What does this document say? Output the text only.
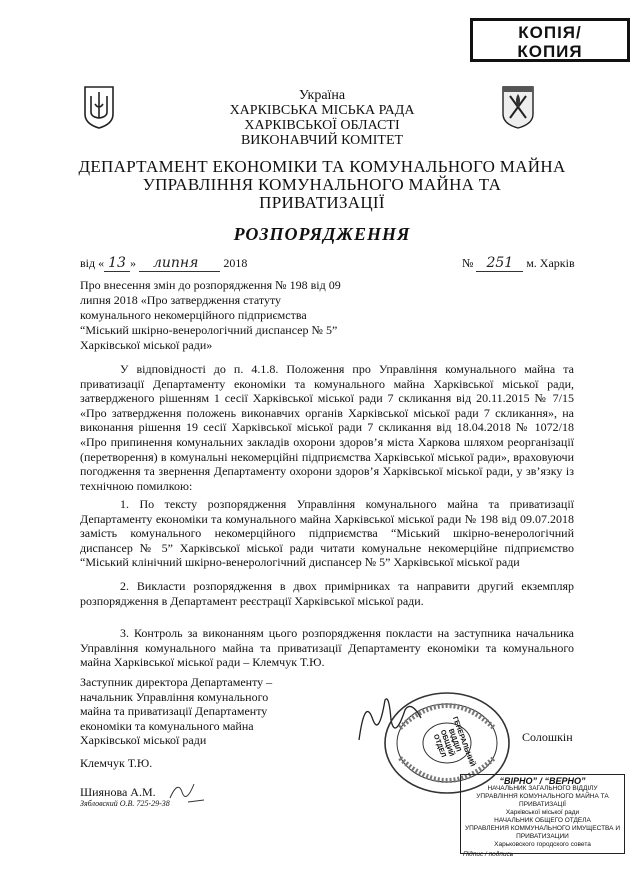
КОПІЯ/
КОПИЯ
Україна
ХАРКІВСЬКА МІСЬКА РАДА
ХАРКІВСЬКОЇ ОБЛАСТІ
ВИКОНАВЧИЙ КОМІТЕТ
ДЕПАРТАМЕНТ ЕКОНОМІКИ ТА КОМУНАЛЬНОГО МАЙНА
УПРАВЛІННЯ КОМУНАЛЬНОГО МАЙНА ТА
ПРИВАТИЗАЦІЇ
РОЗПОРЯДЖЕННЯ
від « 13 » липня 2018	№ 251 м. Харків
Про внесення змін до розпорядження № 198 від 09 липня 2018 «Про затвердження статуту комунального некомерційного підприємства “Міський шкірно-венерологічний диспансер № 5” Харківської міської ради»
У відповідності до п. 4.1.8. Положення про Управління комунального майна та приватизації Департаменту економіки та комунального майна Харківської міської ради, затвердженого рішенням 1 сесії Харківської міської ради 7 скликання від 20.11.2015 № 7/15 «Про затвердження положень виконавчих органів Харківської міської ради 7 скликання», на виконання рішення 19 сесії Харківської міської ради 7 скликання від 18.04.2018 № 1072/18 «Про припинення комунальних закладів охорони здоров’я міста Харкова шляхом реорганізації (перетворення) в комунальні некомерційні підприємства Харківської міської ради», враховуючи погодження та звернення Департаменту охорони здоров’я Харківської міської ради, у зв’язку із технічною помилкою:
1. По тексту розпорядження Управління комунального майна та приватизації Департаменту економіки та комунального майна Харківської міської ради № 198 від 09.07.2018 замість комунального некомерційного підприємства “Міський шкірно-венерологічний диспансер № 5” Харківської міської ради читати комунальне некомерційне підприємство “Міський клінічний шкірно-венерологічний диспансер № 5” Харківської міської ради
2. Викласти розпорядження в двох примірниках та направити другий екземпляр розпорядження в Департамент реєстрації Харківської міської ради.
3. Контроль за виконанням цього розпорядження покласти на заступника начальника Управління комунального майна та приватизації Департаменту економіки та комунального майна Харківської міської ради – Клемчук Т.Ю.
Заступник директора Департаменту –
начальник Управління комунального
майна та приватизації Департаменту
економіки та комунального майна
Харківської міської ради
Клемчук Т.Ю.
Шиянова А.М.
Зябловский О.В. 725-29-38
Солошкін
ГЕНЕРАЛЬНИЙ ВІДДІЛ ОБЩИЙ ОТДЕЛ
“ВІРНО” / “ВЕРНО”
НАЧАЛЬНИК ЗАГАЛЬНОГО ВІДДІЛУ
УПРАВЛІННЯ КОМУНАЛЬНОГО МАЙНА ТА ПРИВАТИЗАЦІЇ
Харківської міської ради
НАЧАЛЬНИК ОБЩЕГО ОТДЕЛА
УПРАВЛЕНИЯ КОММУНАЛЬНОГО ИМУЩЕСТВА И ПРИВАТИЗАЦИИ
Харьковского городского совета
Підпис / подпись
